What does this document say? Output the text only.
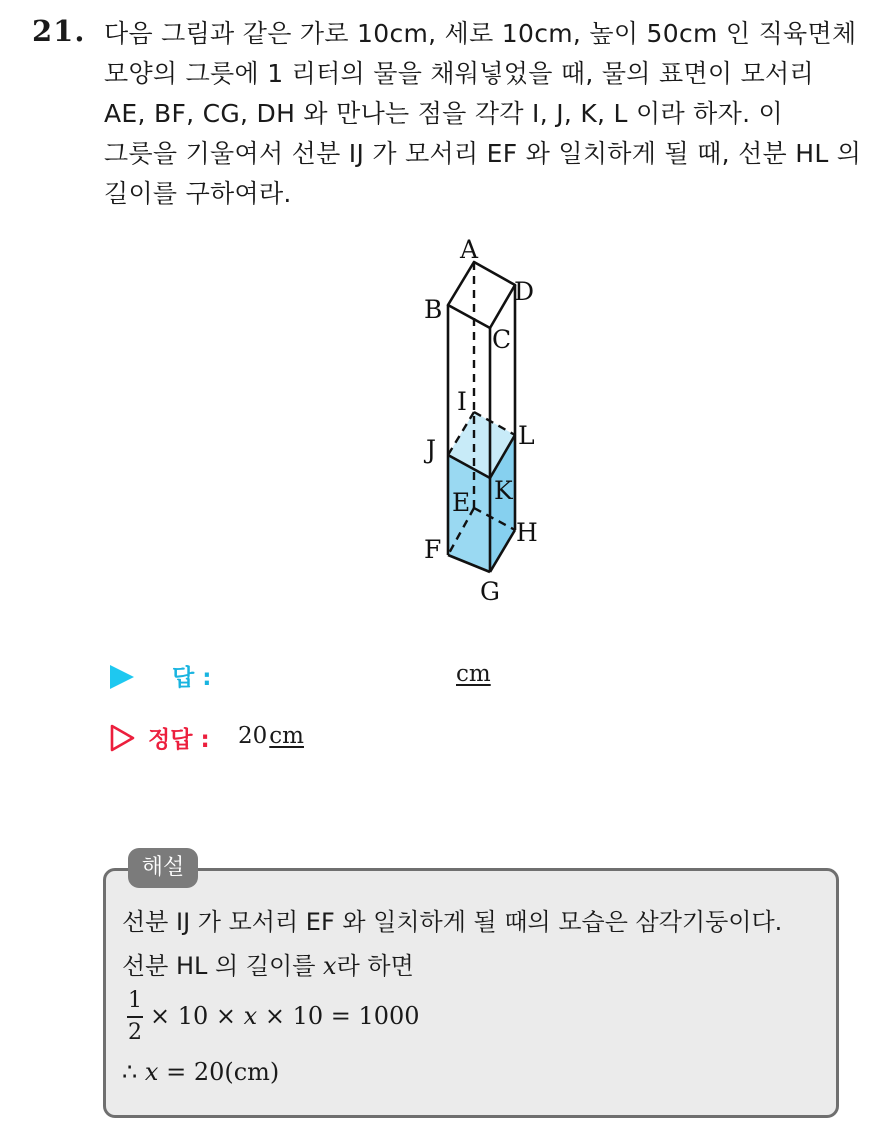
21. 다음 그림과 같은 가로 10cm, 세로 10cm, 높이 50cm 인 직육면체
모양의 그릇에 1 리터의 물을 채워넣었을 때, 물의 표면이 모서리
AE, BF, CG, DH 와 만나는 점을 각각 I, J, K, L 이라 하자. 이
그릇을 기울여서 선분 IJ 가 모서리 EF 와 일치하게 될 때, 선분 HL 의
길이를 구하여라.
A
D
B
C
I
L
J
K
E
H
F
G
답 :	cm
정답 : 20cm
해설
선분 IJ 가 모서리 EF 와 일치하게 될 때의 모습은 삼각기둥이다.
선분 HL 의 길이를 x라 하면
1
2
× 10 × x × 10 = 1000
∴ x = 20(cm)
